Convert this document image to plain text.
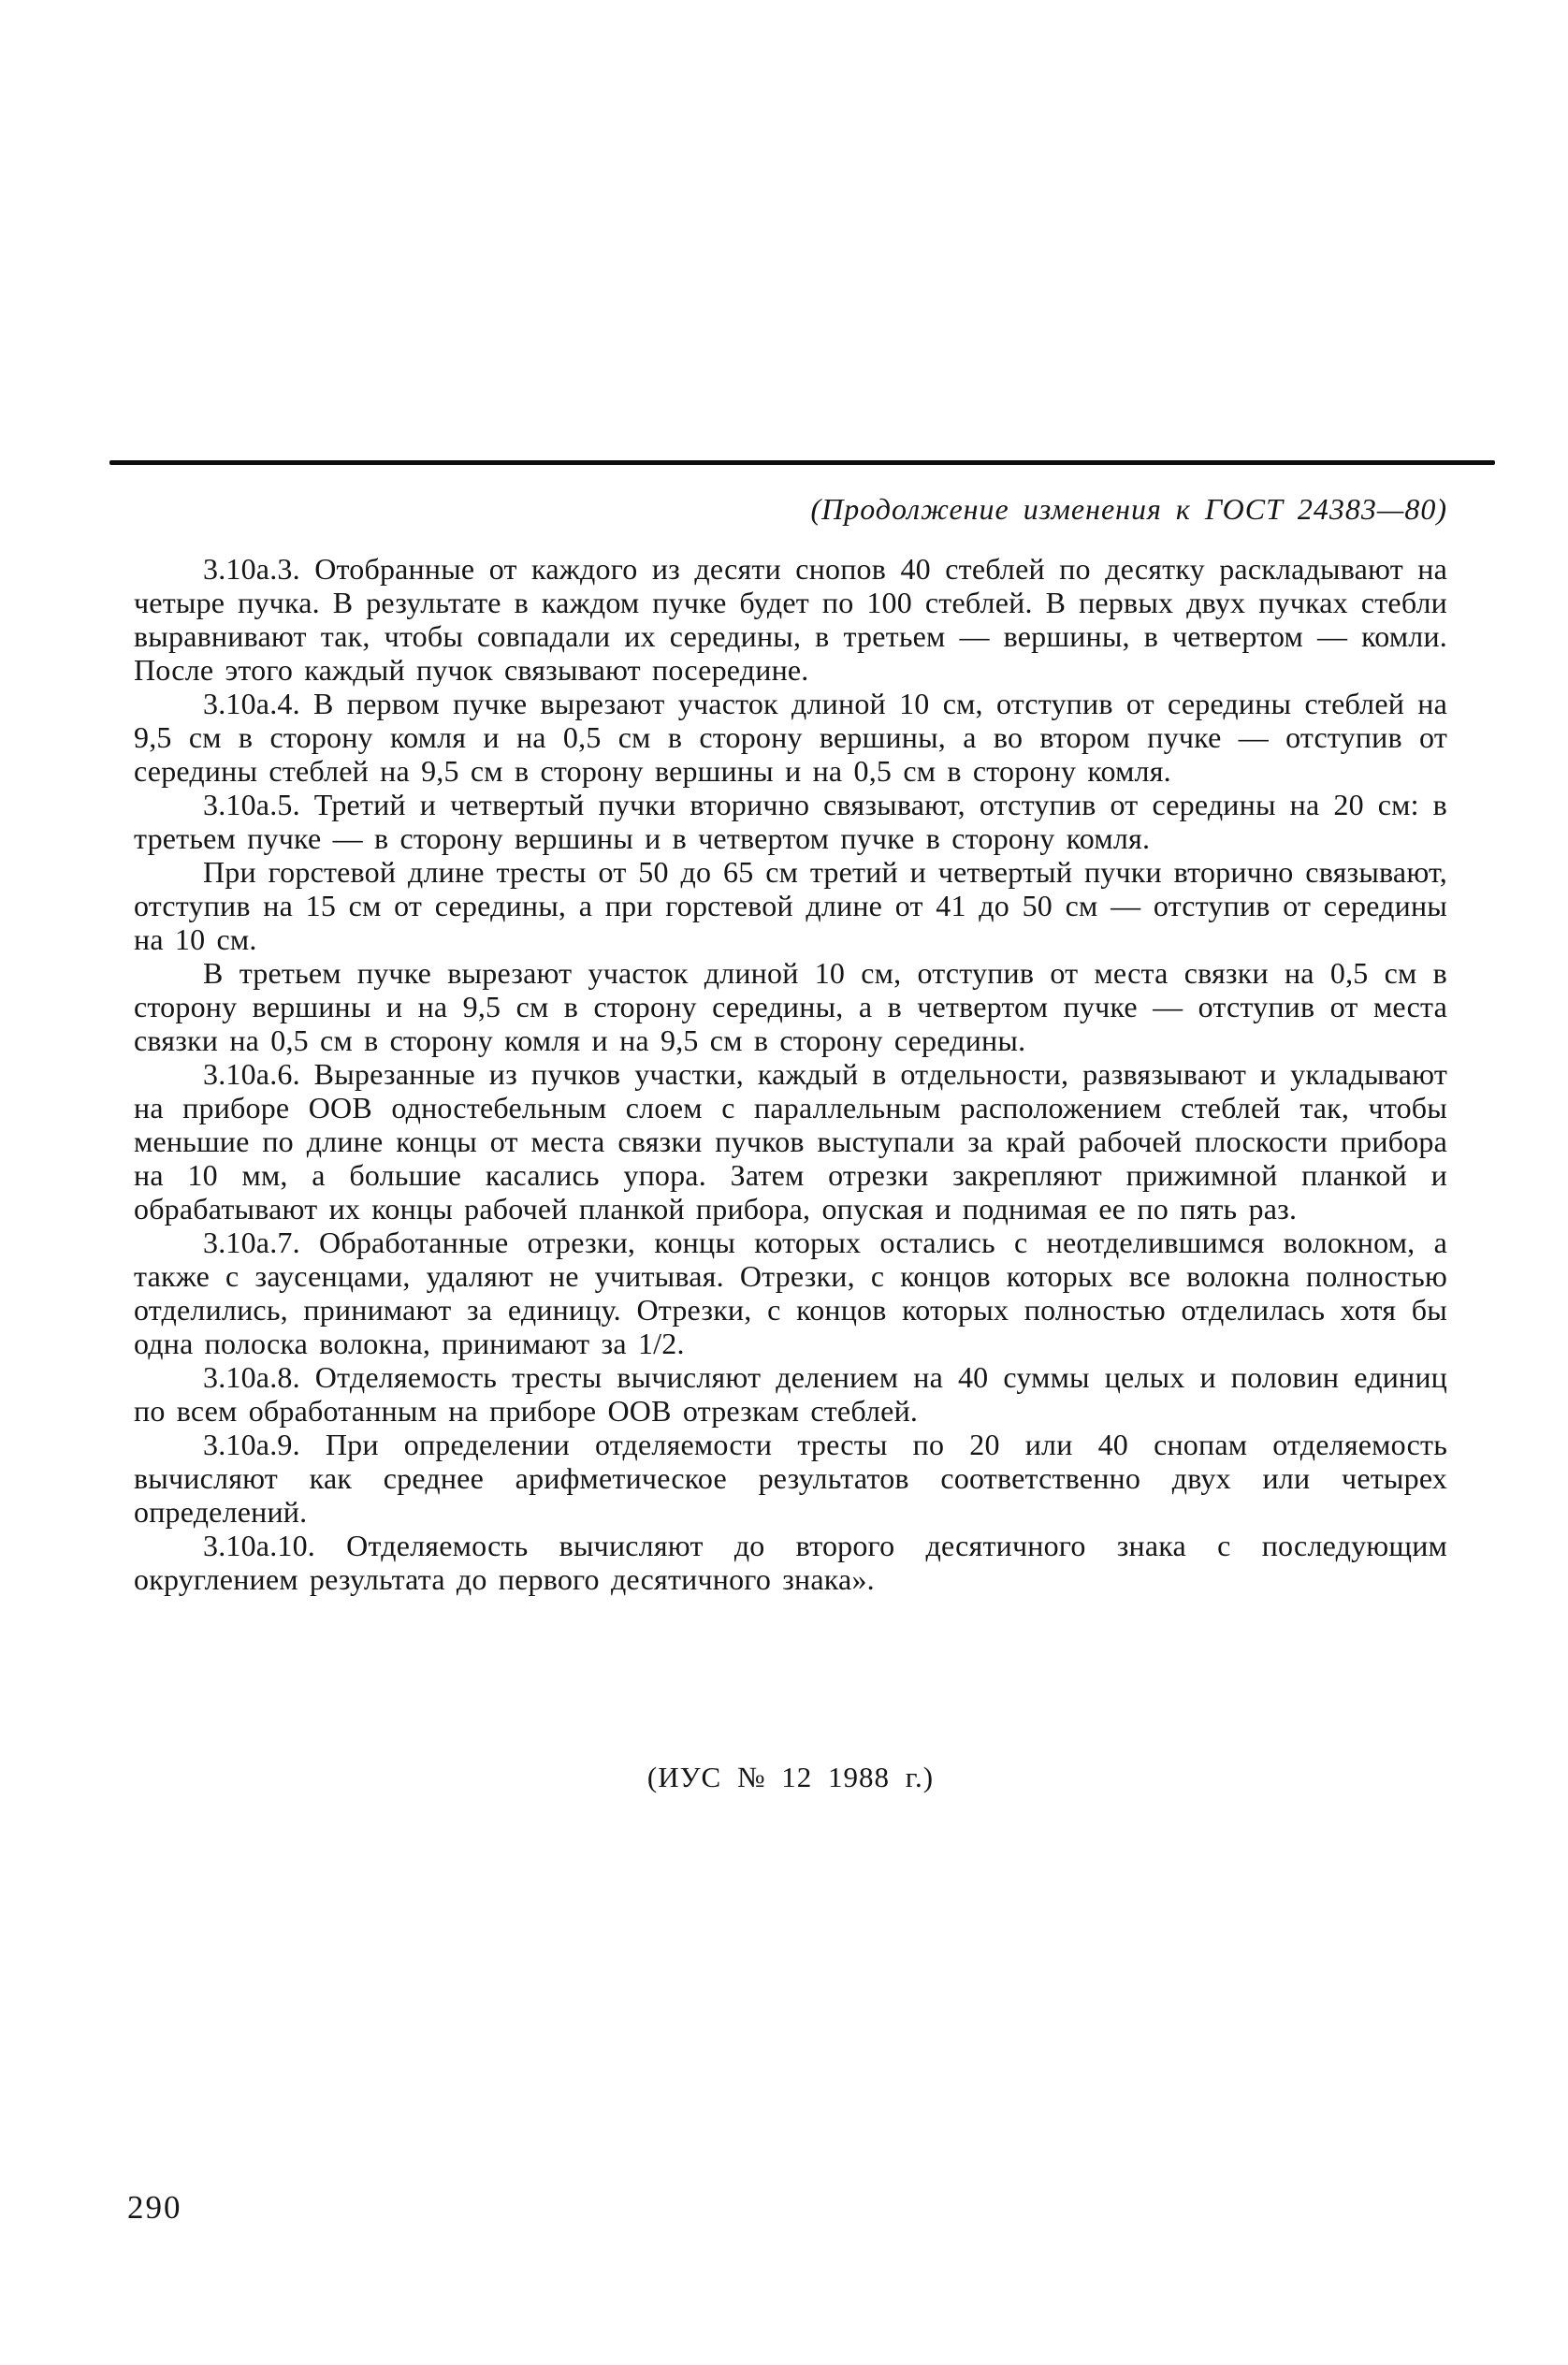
(Продолжение изменения к ГОСТ 24383—80)

3.10а.3. Отобранные от каждого из десяти снопов 40 стеблей по десятку раскладывают на четыре пучка. В результате в каждом пучке будет по 100 стеблей. В первых двух пучках стебли выравнивают так, чтобы совпадали их середины, в третьем — вершины, в четвертом — комли. После этого каждый пучок связывают посередине.

3.10а.4. В первом пучке вырезают участок длиной 10 см, отступив от середины стеблей на 9,5 см в сторону комля и на 0,5 см в сторону вершины, а во втором пучке — отступив от середины стеблей на 9,5 см в сторону вершины и на 0,5 см в сторону комля.

3.10а.5. Третий и четвертый пучки вторично связывают, отступив от середины на 20 см: в третьем пучке — в сторону вершины и в четвертом пучке в сторону комля.

При горстевой длине тресты от 50 до 65 см третий и четвертый пучки вторично связывают, отступив на 15 см от середины, а при горстевой длине от 41 до 50 см — отступив от середины на 10 см.

В третьем пучке вырезают участок длиной 10 см, отступив от места связки на 0,5 см в сторону вершины и на 9,5 см в сторону середины, а в четвертом пучке — отступив от места связки на 0,5 см в сторону комля и на 9,5 см в сторону середины.

3.10а.6. Вырезанные из пучков участки, каждый в отдельности, развязывают и укладывают на приборе ООВ одностебельным слоем с параллельным расположением стеблей так, чтобы меньшие по длине концы от места связки пучков выступали за край рабочей плоскости прибора на 10 мм, а большие касались упора. Затем отрезки закрепляют прижимной планкой и обрабатывают их концы рабочей планкой прибора, опуская и поднимая ее по пять раз.

3.10а.7. Обработанные отрезки, концы которых остались с неотделившимся волокном, а также с заусенцами, удаляют не учитывая. Отрезки, с концов которых все волокна полностью отделились, принимают за единицу. Отрезки, с концов которых полностью отделилась хотя бы одна полоска волокна, принимают за 1/2.

3.10а.8. Отделяемость тресты вычисляют делением на 40 суммы целых и половин единиц по всем обработанным на приборе ООВ отрезкам стеблей.

3.10а.9. При определении отделяемости тресты по 20 или 40 снопам отделяемость вычисляют как среднее арифметическое результатов соответственно двух или четырех определений.

3.10а.10. Отделяемость вычисляют до второго десятичного знака с последующим округлением результата до первого десятичного знака».

(ИУС № 12 1988 г.)
290
